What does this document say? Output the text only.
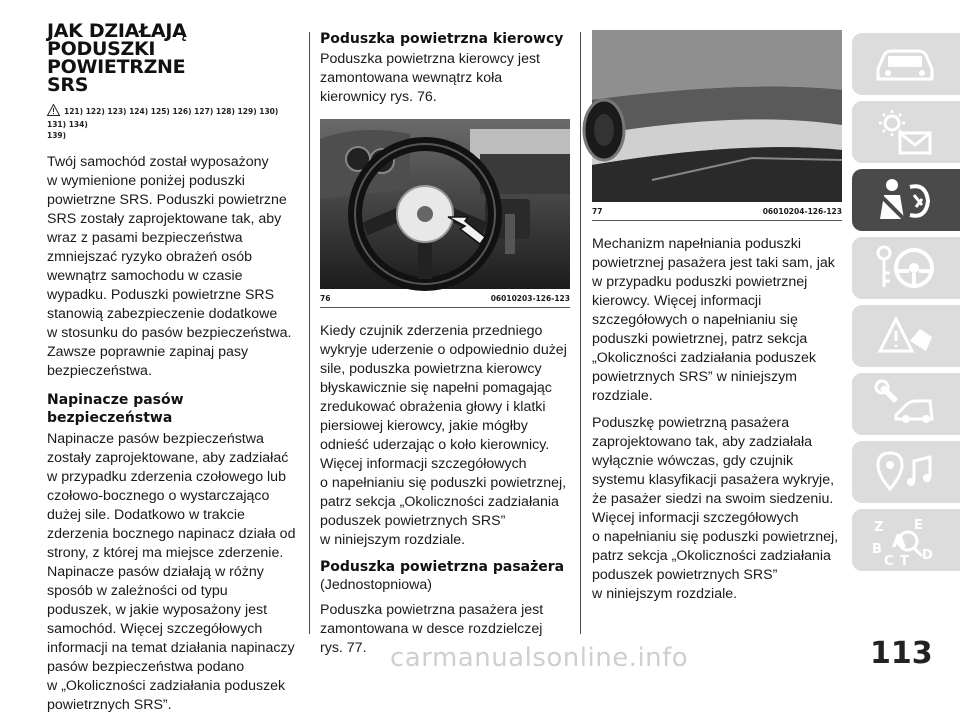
JAK DZIAŁAJĄ
PODUSZKI POWIETRZNE
SRS
121) 122) 123) 124) 125) 126) 127) 128) 129) 130) 131) 134)
139)

Twój samochód został wyposażony
w wymienione poniżej poduszki
powietrzne SRS. Poduszki powietrzne
SRS zostały zaprojektowane tak, aby
wraz z pasami bezpieczeństwa
zmniejszać ryzyko obrażeń osób
wewnątrz samochodu w czasie
wypadku. Poduszki powietrzne SRS
stanowią zabezpieczenie dodatkowe
w stosunku do pasów bezpieczeństwa.
Zawsze poprawnie zapinaj pasy
bezpieczeństwa.

Napinacze pasów bezpieczeństwa

Napinacze pasów bezpieczeństwa
zostały zaprojektowane, aby zadziałać
w przypadku zderzenia czołowego lub
czołowo-bocznego o wystarczająco
dużej sile. Dodatkowo w trakcie
zderzenia bocznego napinacz działa od
strony, z której ma miejsce zderzenie.
Napinacze pasów działają w różny
sposób w zależności od typu
poduszek, w jakie wyposażony jest
samochód. Więcej szczegółowych
informacji na temat działania napinaczy
pasów bezpieczeństwa podano
w „Okoliczności zadziałania poduszek
powietrznych SRS”.

Poduszka powietrzna kierowcy

Poduszka powietrzna kierowcy jest
zamontowana wewnątrz koła
kierownicy rys. 76.

76	06010203-126-123

Kiedy czujnik zderzenia przedniego
wykryje uderzenie o odpowiednio dużej
sile, poduszka powietrzna kierowcy
błyskawicznie się napełni pomagając
zredukować obrażenia głowy i klatki
piersiowej kierowcy, jakie mógłby
odnieść uderzając o koło kierownicy.
Więcej informacji szczegółowych
o napełnianiu się poduszki powietrznej,
patrz sekcja „Okoliczności zadziałania
poduszek powietrznych SRS”
w niniejszym rozdziale.

Poduszka powietrzna pasażera

(Jednostopniowa)

Poduszka powietrzna pasażera jest
zamontowana w desce rozdzielczej
rys. 77.

77	06010204-126-123

Mechanizm napełniania poduszki
powietrznej pasażera jest taki sam, jak
w przypadku poduszki powietrznej
kierowcy. Więcej informacji
szczegółowych o napełnianiu się
poduszki powietrznej, patrz sekcja
„Okoliczności zadziałania poduszek
powietrznych SRS” w niniejszym
rozdziale.

Poduszkę powietrzną pasażera
zaprojektowano tak, aby zadziałała
wyłącznie wówczas, gdy czujnik
systemu klasyfikacji pasażera wykryje,
że pasażer siedzi na swoim siedzeniu.
Więcej informacji szczegółowych
o napełnianiu się poduszki powietrznej,
patrz sekcja „Okoliczności zadziałania
poduszek powietrznych SRS”
w niniejszym rozdziale.

Z E
A
B
C T D
carmanualsonline.info	113
